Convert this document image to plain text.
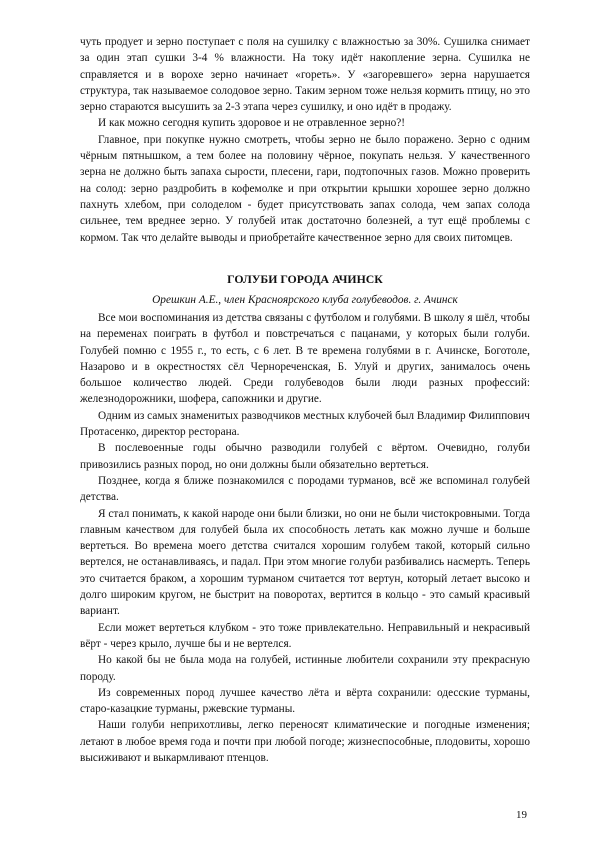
чуть продует и зерно поступает с поля на сушилку с влажностью за 30%. Сушилка снимает за один этап сушки 3-4 % влажности. На току идёт накопление зерна. Сушилка не справляется и в ворохе зерно начинает «гореть». У «загоревшего» зерна нарушается структура, так называемое солодовое зерно. Таким зерном тоже нельзя кормить птицу, но это зерно стараются высушить за 2-3 этапа через сушилку, и оно идёт в продажу.

И как можно сегодня купить здоровое и не отравленное зерно?!

Главное, при покупке нужно смотреть, чтобы зерно не было поражено. Зерно с одним чёрным пятнышком, а тем более на половину чёрное, покупать нельзя. У качественного зерна не должно быть запаха сырости, плесени, гари, подтопочных газов. Можно проверить на солод: зерно раздробить в кофемолке и при открытии крышки хорошее зерно должно пахнуть хлебом, при солоделом - будет присутствовать запах солода, чем запах солода сильнее, тем вреднее зерно. У голубей итак достаточно болезней, а тут ещё проблемы с кормом. Так что делайте выводы и приобретайте качественное зерно для своих питомцев.

ГОЛУБИ ГОРОДА АЧИНСК
Орешкин А.Е., член Красноярского клуба голубеводов. г. Ачинск

Все мои воспоминания из детства связаны с футболом и голубями. В школу я шёл, чтобы на переменах поиграть в футбол и повстречаться с пацанами, у которых были голуби. Голубей помню с 1955 г., то есть, с 6 лет. В те времена голубями в г. Ачинске, Боготоле, Назарово и в окрестностях сёл Чернореченская, Б. Улуй и других, занималось очень большое количество людей. Среди голубеводов были люди разных профессий: железнодорожники, шофера, сапожники и другие.

Одним из самых знаменитых разводчиков местных клубочей был Владимир Филиппович Протасенко, директор ресторана.

В послевоенные годы обычно разводили голубей с вёртом. Очевидно, голуби привозились разных пород, но они должны были обязательно вертеться.

Позднее, когда я ближе познакомился с породами турманов, всё же вспоминал голубей детства.

Я стал понимать, к какой народе они были близки, но они не были чистокровными. Тогда главным качеством для голубей была их способность летать как можно лучше и больше вертеться. Во времена моего детства считался хорошим голубем такой, который сильно вертелся, не останавливаясь, и падал. При этом многие голуби разбивались насмерть. Теперь это считается браком, а хорошим турманом считается тот вертун, который летает высоко и долго широким кругом, не быстрит на поворотах, вертится в кольцо - это самый красивый вариант.

Если может вертеться клубком - это тоже привлекательно. Неправильный и некрасивый вёрт - через крыло, лучше бы и не вертелся.

Но какой бы не была мода на голубей, истинные любители сохранили эту прекрасную породу.

Из современных пород лучшее качество лёта и вёрта сохранили: одесские турманы, старо-казацкие турманы, ржевские турманы.

Наши голуби неприхотливы, легко переносят климатические и погодные изменения; летают в любое время года и почти при любой погоде; жизнеспособные, плодовиты, хорошо высиживают и выкармливают птенцов.

19
